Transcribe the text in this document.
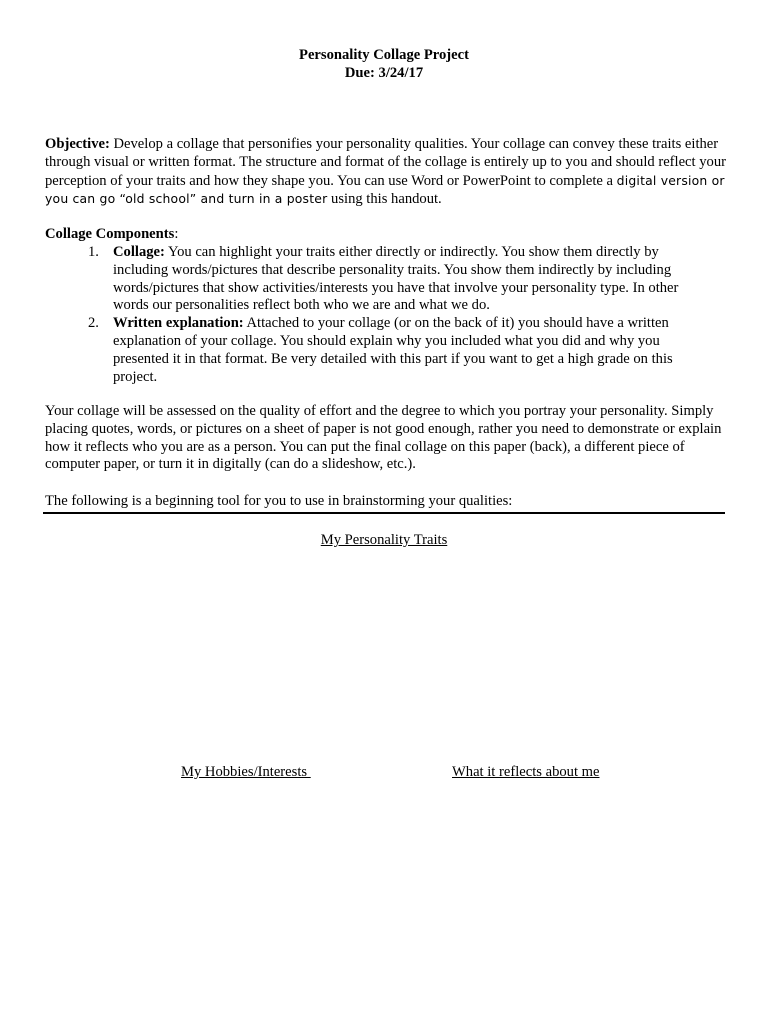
Personality Collage Project
Due: 3/24/17
Objective: Develop a collage that personifies your personality qualities. Your collage can convey these traits either through visual or written format. The structure and format of the collage is entirely up to you and should reflect your perception of your traits and how they shape you. You can use Word or PowerPoint to complete a digital version or you can go “old school” and turn in a poster using this handout.
Collage Components:
1. Collage: You can highlight your traits either directly or indirectly. You show them directly by including words/pictures that describe personality traits. You show them indirectly by including words/pictures that show activities/interests you have that involve your personality type. In other words our personalities reflect both who we are and what we do.
2. Written explanation: Attached to your collage (or on the back of it) you should have a written explanation of your collage. You should explain why you included what you did and why you presented it in that format. Be very detailed with this part if you want to get a high grade on this project.
Your collage will be assessed on the quality of effort and the degree to which you portray your personality. Simply placing quotes, words, or pictures on a sheet of paper is not good enough, rather you need to demonstrate or explain how it reflects who you are as a person. You can put the final collage on this paper (back), a different piece of computer paper, or turn it in digitally (can do a slideshow, etc.).
The following is a beginning tool for you to use in brainstorming your qualities:
My Personality Traits
My Hobbies/Interests	What it reflects about me
